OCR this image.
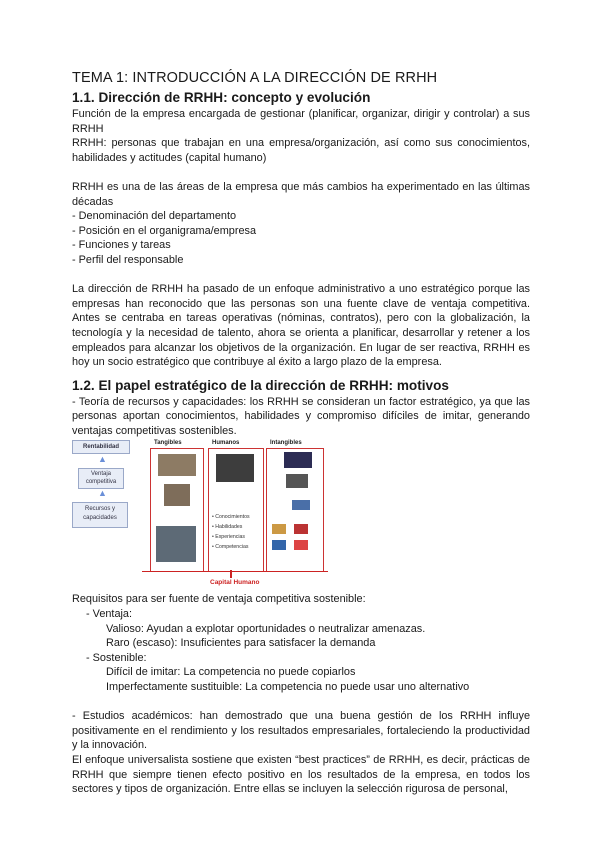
TEMA 1: INTRODUCCIÓN A LA DIRECCIÓN DE RRHH
1.1. Dirección de RRHH: concepto y evolución

Función de la empresa encargada de gestionar (planificar, organizar, dirigir y controlar) a sus RRHH

RRHH: personas que trabajan en una empresa/organización, así como sus conocimientos, habilidades y actitudes (capital humano)

RRHH es una de las áreas de la empresa que más cambios ha experimentado en las últimas décadas

- Denominación del departamento
- Posición en el organigrama/empresa
- Funciones y tareas
- Perfil del responsable

La dirección de RRHH ha pasado de un enfoque administrativo a uno estratégico porque las empresas han reconocido que las personas son una fuente clave de ventaja competitiva. Antes se centraba en tareas operativas (nóminas, contratos), pero con la globalización, la tecnología y la necesidad de talento, ahora se orienta a planificar, desarrollar y retener a los empleados para alcanzar los objetivos de la organización. En lugar de ser reactiva, RRHH es hoy un socio estratégico que contribuye al éxito a largo plazo de la empresa.

1.2. El papel estratégico de la dirección de RRHH: motivos

- Teoría de recursos y capacidades: los RRHH se consideran un factor estratégico, ya que las personas aportan conocimientos, habilidades y compromiso difíciles de imitar, generando ventajas competitivas sostenibles.

Rentabilidad
▲
Ventaja competitiva
▲
Recursos y capacidades
Tangibles	Humanos	Intangibles
• Conocimientos
• Habilidades
• Experiencias
• Competencias
Capital Humano

Requisitos para ser fuente de ventaja competitiva sostenible:

- Ventaja:
Valioso: Ayudan a explotar oportunidades o neutralizar amenazas.
Raro (escaso): Insuficientes para satisfacer la demanda
- Sostenible:
Difícil de imitar: La competencia no puede copiarlos
Imperfectamente sustituible: La competencia no puede usar uno alternativo

- Estudios académicos: han demostrado que una buena gestión de los RRHH influye positivamente en el rendimiento y los resultados empresariales, fortaleciendo la productividad y la innovación.

El enfoque universalista sostiene que existen “best practices” de RRHH, es decir, prácticas de RRHH que siempre tienen efecto positivo en los resultados de la empresa, en todos los sectores y tipos de organización. Entre ellas se incluyen la selección rigurosa de personal,
